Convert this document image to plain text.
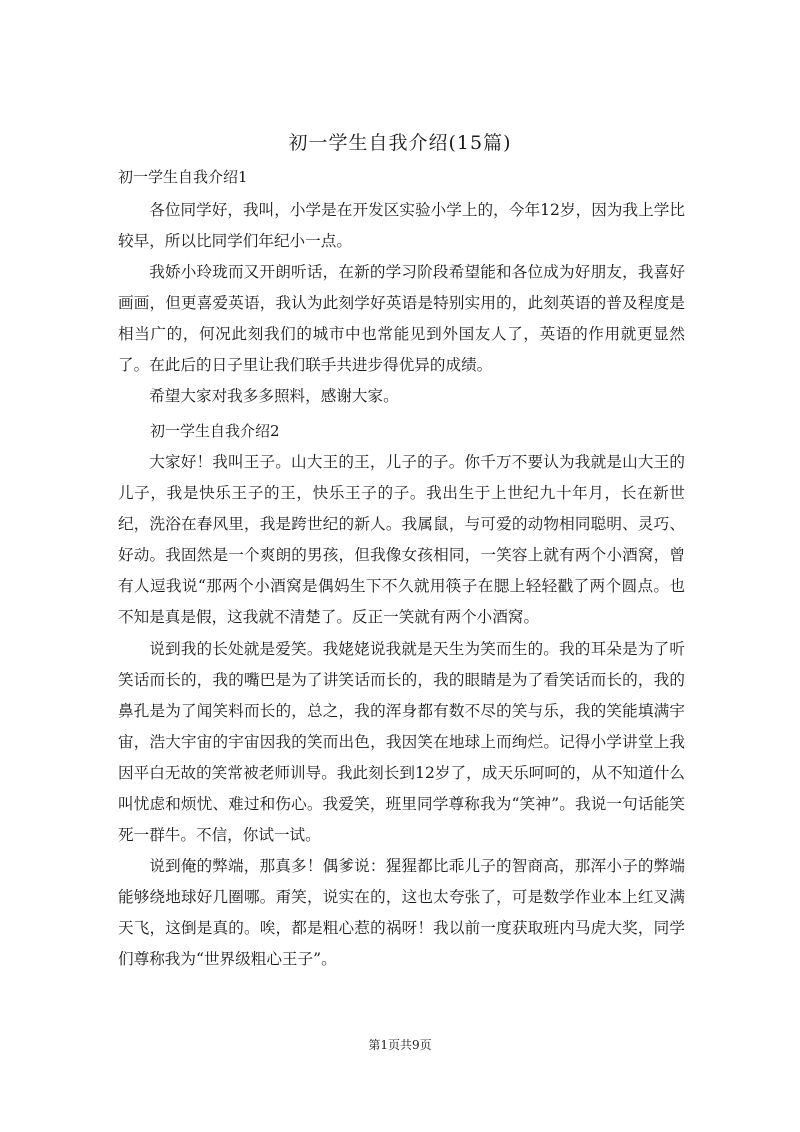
初一学生自我介绍(15篇)

初一学生自我介绍1

各位同学好，我叫，小学是在开发区实验小学上的，今年12岁，因为我上学比较早，所以比同学们年纪小一点。

我娇小玲珑而又开朗听话，在新的学习阶段希望能和各位成为好朋友，我喜好画画，但更喜爱英语，我认为此刻学好英语是特别实用的，此刻英语的普及程度是相当广的，何况此刻我们的城市中也常能见到外国友人了，英语的作用就更显然了。在此后的日子里让我们联手共进步得优异的成绩。

希望大家对我多多照料，感谢大家。

初一学生自我介绍2

大家好！我叫王子。山大王的王，儿子的子。你千万不要认为我就是山大王的儿子，我是快乐王子的王，快乐王子的子。我出生于上世纪九十年月，长在新世纪，洗浴在春风里，我是跨世纪的新人。我属鼠，与可爱的动物相同聪明、灵巧、好动。我固然是一个爽朗的男孩，但我像女孩相同，一笑容上就有两个小酒窝，曾有人逗我说“那两个小酒窝是偶妈生下不久就用筷子在腮上轻轻戳了两个圆点。也不知是真是假，这我就不清楚了。反正一笑就有两个小酒窝。

说到我的长处就是爱笑。我姥姥说我就是天生为笑而生的。我的耳朵是为了听笑话而长的，我的嘴巴是为了讲笑话而长的，我的眼睛是为了看笑话而长的，我的鼻孔是为了闻笑料而长的，总之，我的浑身都有数不尽的笑与乐，我的笑能填满宇宙，浩大宇宙的宇宙因我的笑而出色，我因笑在地球上而绚烂。记得小学讲堂上我因平白无故的笑常被老师训导。我此刻长到12岁了，成天乐呵呵的，从不知道什么叫忧虑和烦忧、难过和伤心。我爱笑，班里同学尊称我为“笑神”。我说一句话能笑死一群牛。不信，你试一试。

说到俺的弊端，那真多！偶爹说：猩猩都比乖儿子的智商高，那浑小子的弊端能够绕地球好几圈哪。甭笑，说实在的，这也太夸张了，可是数学作业本上红叉满天飞，这倒是真的。唉，都是粗心惹的祸呀！我以前一度获取班内马虎大奖，同学们尊称我为“世界级粗心王子”。

第1页共9页
